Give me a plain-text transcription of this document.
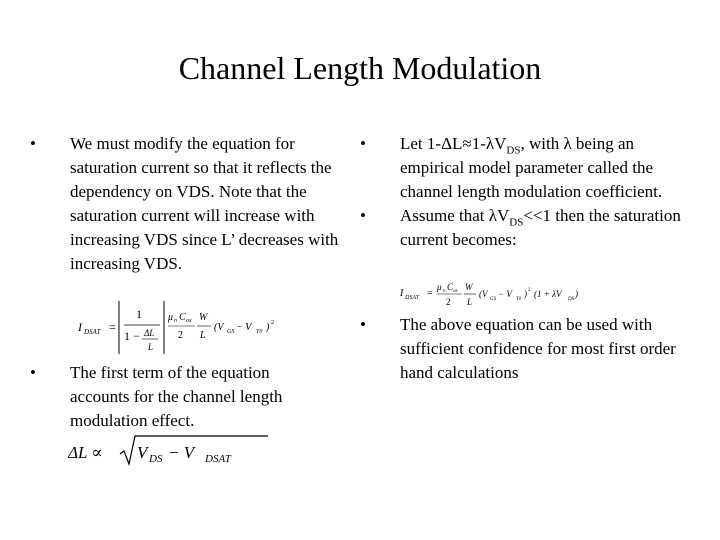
Channel Length Modulation
•	We must modify the equation for saturation current so that it reflects the dependency on VDS. Note that the saturation current will increase with increasing VDS since L’ decreases with increasing VDS.
I DSAT =
1
1 − ΔL
L
μ n C ox
2
W
L
(V GS − V T0 ) 2
•	The first term of the equation accounts for the channel length modulation effect.
ΔL ∝ V DS − V DSAT
•	Let $1-\Delta L\approx 1-\lambda V_{DS}$, with λ being an empirical model parameter called the channel length modulation coefficient.
•	Assume that $\lambda V_{DS}<<1$ then the saturation current becomes:
I DSAT =
μ n C ox
2
W
L
(V
GS
− V
T0
) 2 (1 + λV
DS
)
•	The above equation can be used with sufficient confidence for most first order hand calculations
